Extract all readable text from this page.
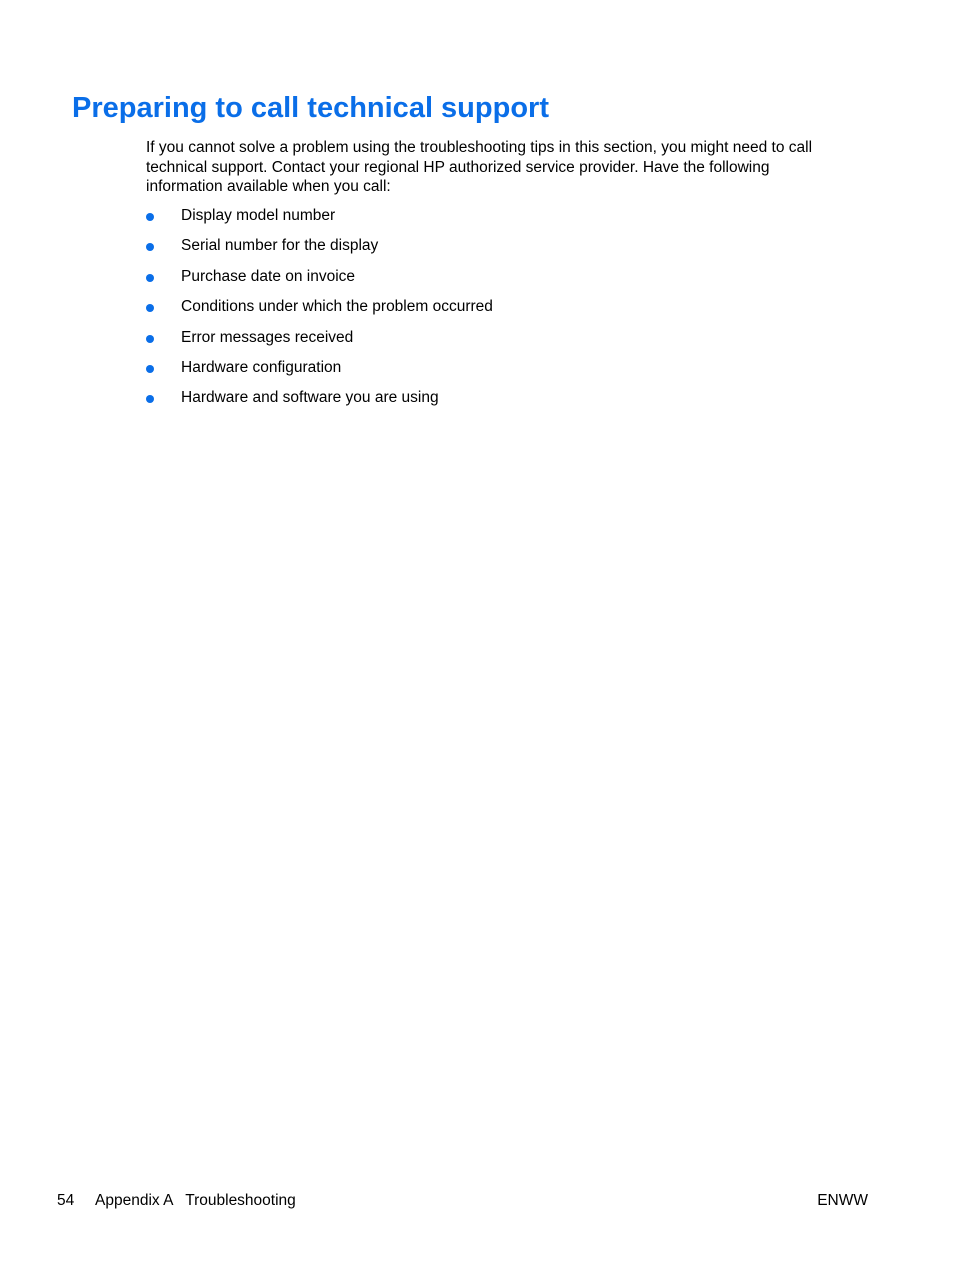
Preparing to call technical support

If you cannot solve a problem using the troubleshooting tips in this section, you might need to call technical support. Contact your regional HP authorized service provider. Have the following information available when you call:

Display model number
Serial number for the display
Purchase date on invoice
Conditions under which the problem occurred
Error messages received
Hardware configuration
Hardware and software you are using
54 Appendix A   Troubleshooting	ENWW
